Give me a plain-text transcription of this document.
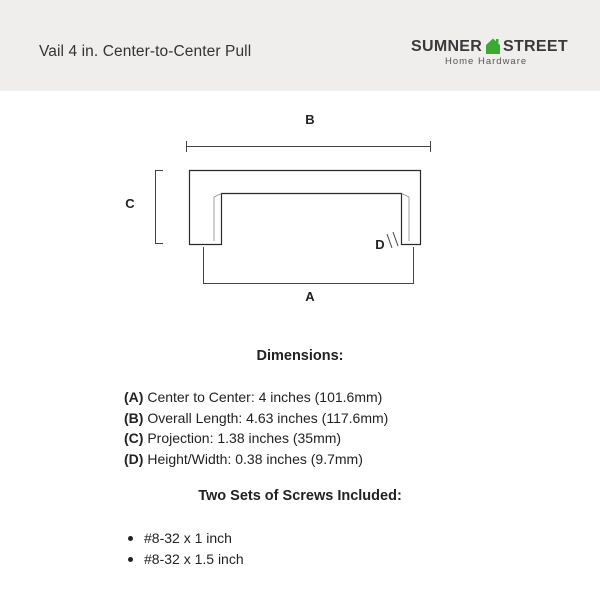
Vail 4 in. Center-to-Center Pull	SUMNER STREET
Home Hardware
B
C
D
A
Dimensions:
(A) Center to Center: 4 inches (101.6mm)
(B) Overall Length: 4.63 inches (117.6mm)
(C) Projection: 1.38 inches (35mm)
(D) Height/Width: 0.38 inches (9.7mm)
Two Sets of Screws Included:
#8-32 x 1 inch
#8-32 x 1.5 inch
